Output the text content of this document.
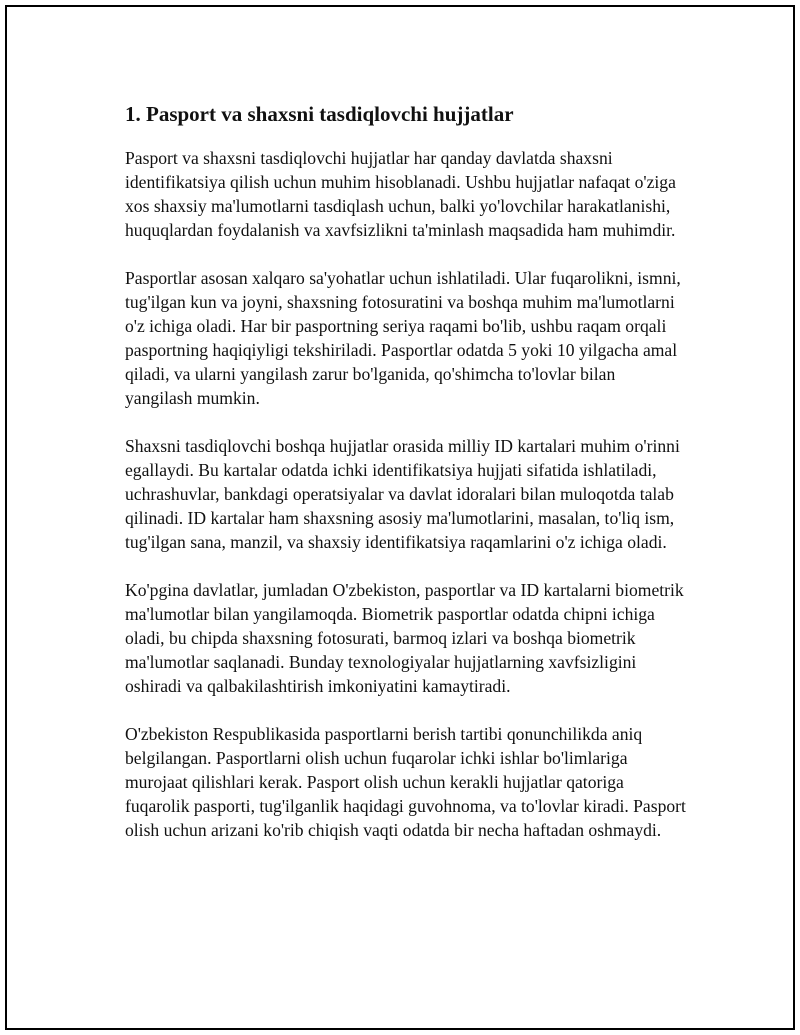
1. Pasport va shaxsni tasdiqlovchi hujjatlar

Pasport va shaxsni tasdiqlovchi hujjatlar har qanday davlatda shaxsni identifikatsiya qilish uchun muhim hisoblanadi. Ushbu hujjatlar nafaqat o'ziga xos shaxsiy ma'lumotlarni tasdiqlash uchun, balki yo'lovchilar harakatlanishi, huquqlardan foydalanish va xavfsizlikni ta'minlash maqsadida ham muhimdir.

Pasportlar asosan xalqaro sa'yohatlar uchun ishlatiladi. Ular fuqarolikni, ismni, tug'ilgan kun va joyni, shaxsning fotosuratini va boshqa muhim ma'lumotlarni o'z ichiga oladi. Har bir pasportning seriya raqami bo'lib, ushbu raqam orqali pasportning haqiqiyligi tekshiriladi. Pasportlar odatda 5 yoki 10 yilgacha amal qiladi, va ularni yangilash zarur bo'lganida, qo'shimcha to'lovlar bilan yangilash mumkin.

Shaxsni tasdiqlovchi boshqa hujjatlar orasida milliy ID kartalari muhim o'rinni egallaydi. Bu kartalar odatda ichki identifikatsiya hujjati sifatida ishlatiladi, uchrashuvlar, bankdagi operatsiyalar va davlat idoralari bilan muloqotda talab qilinadi. ID kartalar ham shaxsning asosiy ma'lumotlarini, masalan, to'liq ism, tug'ilgan sana, manzil, va shaxsiy identifikatsiya raqamlarini o'z ichiga oladi.

Ko'pgina davlatlar, jumladan O'zbekiston, pasportlar va ID kartalarni biometrik ma'lumotlar bilan yangilamoqda. Biometrik pasportlar odatda chipni ichiga oladi, bu chipda shaxsning fotosurati, barmoq izlari va boshqa biometrik ma'lumotlar saqlanadi. Bunday texnologiyalar hujjatlarning xavfsizligini oshiradi va qalbakilashtirish imkoniyatini kamaytiradi.

O'zbekiston Respublikasida pasportlarni berish tartibi qonunchilikda aniq belgilangan. Pasportlarni olish uchun fuqarolar ichki ishlar bo'limlariga murojaat qilishlari kerak. Pasport olish uchun kerakli hujjatlar qatoriga fuqarolik pasporti, tug'ilganlik haqidagi guvohnoma, va to'lovlar kiradi. Pasport olish uchun arizani ko'rib chiqish vaqti odatda bir necha haftadan oshmaydi.
